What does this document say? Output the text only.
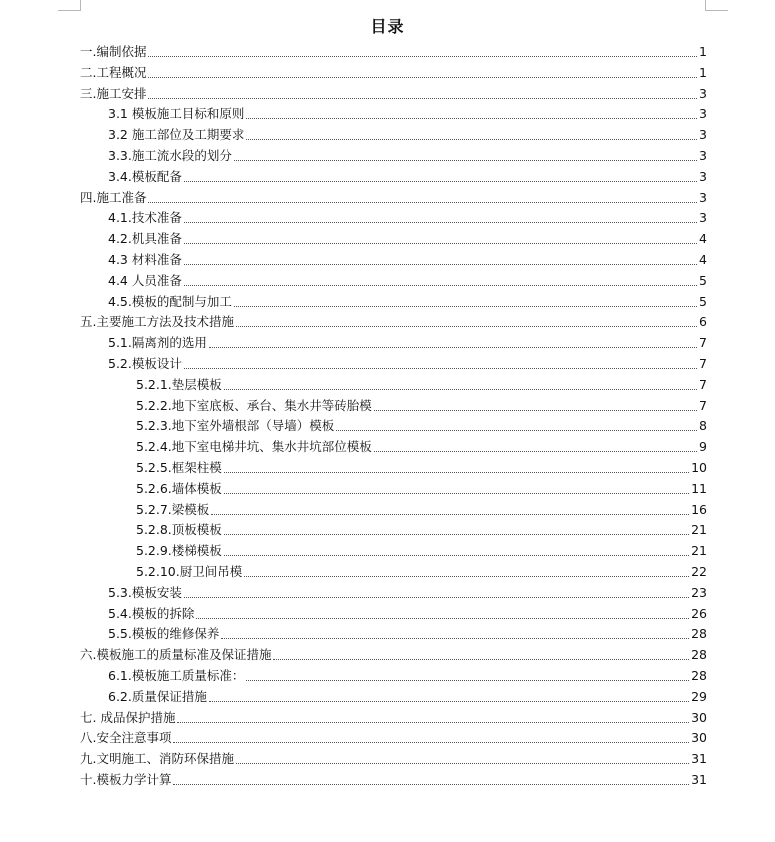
目录
一.编制依据	1
二.工程概况	1
三.施工安排	3
3.1 模板施工目标和原则	3
3.2 施工部位及工期要求	3
3.3.施工流水段的划分	3
3.4.模板配备	3
四.施工准备	3
4.1.技术准备	3
4.2.机具准备	4
4.3 材料准备	4
4.4 人员准备	5
4.5.模板的配制与加工	5
五.主要施工方法及技术措施	6
5.1.隔离剂的选用	7
5.2.模板设计	7
5.2.1.垫层模板	7
5.2.2.地下室底板、承台、集水井等砖胎模	7
5.2.3.地下室外墙根部（导墙）模板	8
5.2.4.地下室电梯井坑、集水井坑部位模板	9
5.2.5.框架柱模	10
5.2.6.墙体模板	11
5.2.7.梁模板	16
5.2.8.顶板模板	21
5.2.9.楼梯模板	21
5.2.10.厨卫间吊模	22
5.3.模板安装	23
5.4.模板的拆除	26
5.5.模板的维修保养	28
六.模板施工的质量标准及保证措施	28
6.1.模板施工质量标准：	28
6.2.质量保证措施	29
七. 成品保护措施	30
八.安全注意事项	30
九.文明施工、消防环保措施	31
十.模板力学计算	31
